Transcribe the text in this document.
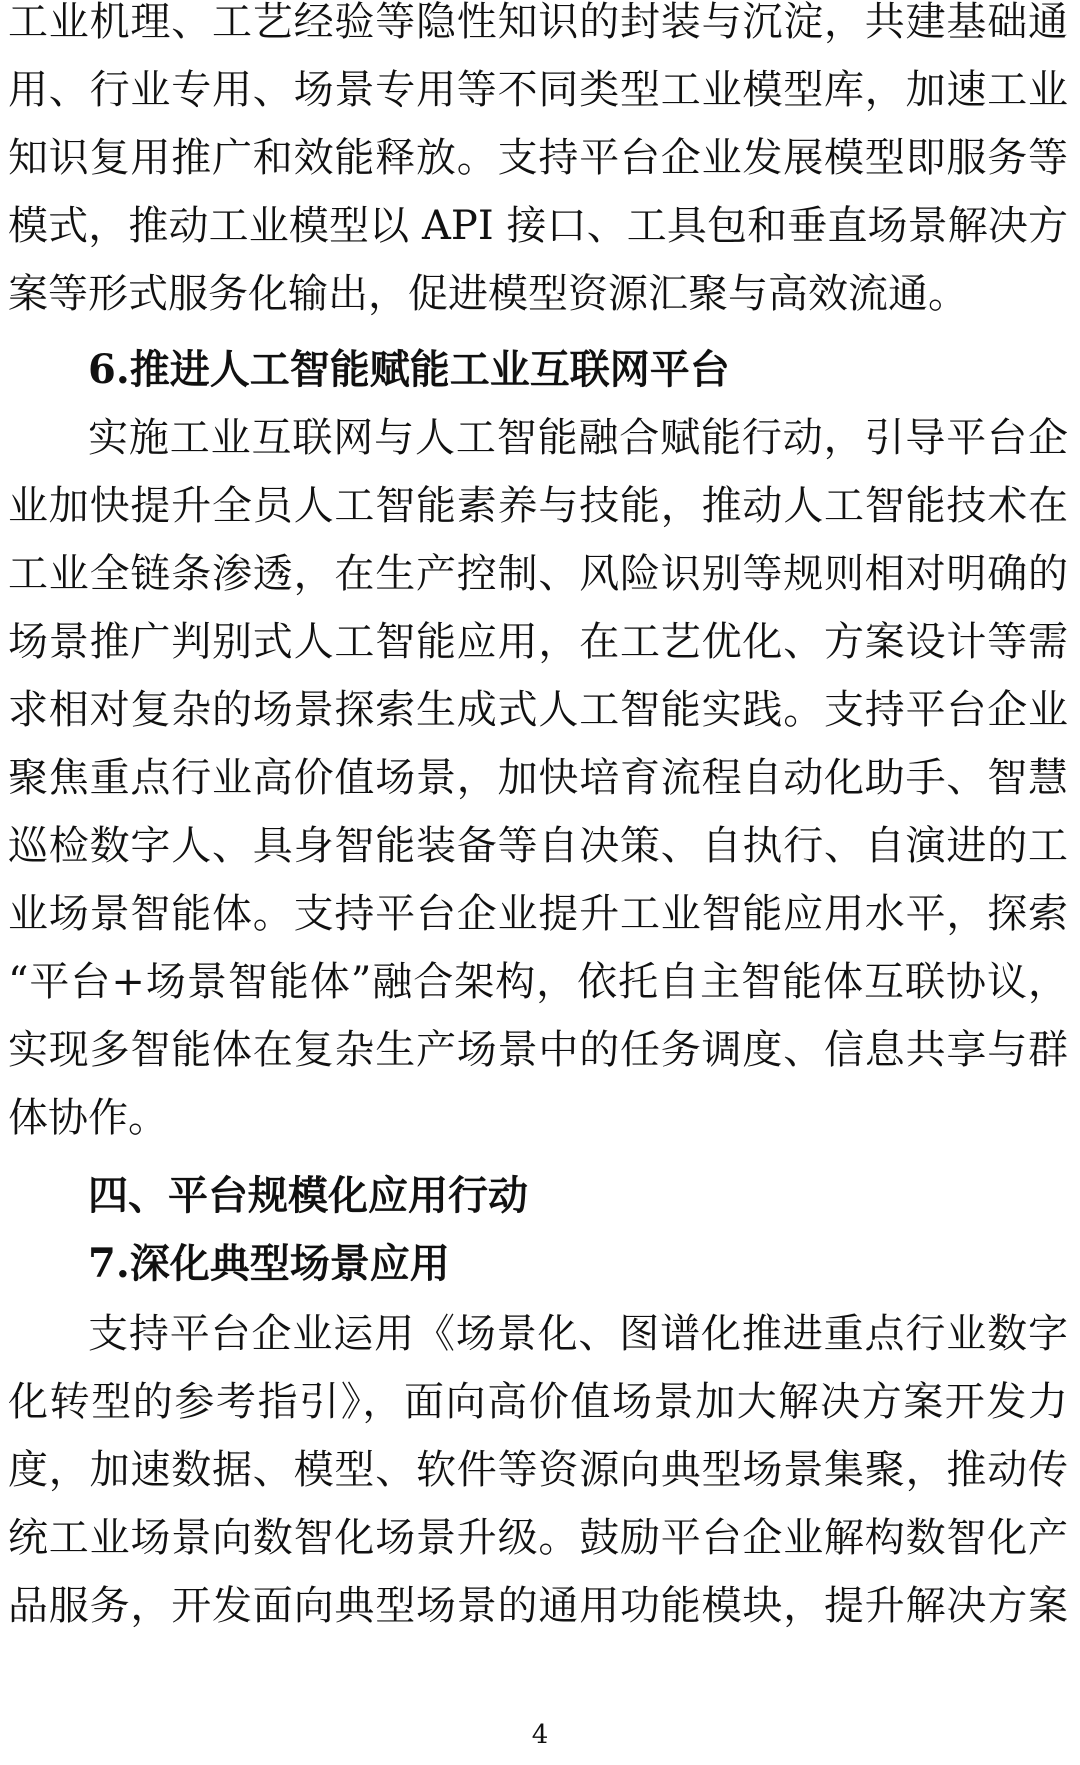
工业机理、工艺经验等隐性知识的封装与沉淀，共建基础通
用、行业专用、场景专用等不同类型工业模型库，加速工业
知识复用推广和效能释放。支持平台企业发展模型即服务等
模式，推动工业模型以 API 接口、工具包和垂直场景解决方
案等形式服务化输出，促进模型资源汇聚与高效流通。
6.推进人工智能赋能工业互联网平台
实施工业互联网与人工智能融合赋能行动，引导平台企
业加快提升全员人工智能素养与技能，推动人工智能技术在
工业全链条渗透，在生产控制、风险识别等规则相对明确的
场景推广判别式人工智能应用，在工艺优化、方案设计等需
求相对复杂的场景探索生成式人工智能实践。支持平台企业
聚焦重点行业高价值场景，加快培育流程自动化助手、智慧
巡检数字人、具身智能装备等自决策、自执行、自演进的工
业场景智能体。支持平台企业提升工业智能应用水平，探索
“平台+场景智能体”融合架构，依托自主智能体互联协议，
实现多智能体在复杂生产场景中的任务调度、信息共享与群
体协作。
四、平台规模化应用行动
7.深化典型场景应用
支持平台企业运用《场景化、图谱化推进重点行业数字
化转型的参考指引》，面向高价值场景加大解决方案开发力
度，加速数据、模型、软件等资源向典型场景集聚，推动传
统工业场景向数智化场景升级。鼓励平台企业解构数智化产
品服务，开发面向典型场景的通用功能模块，提升解决方案
4
